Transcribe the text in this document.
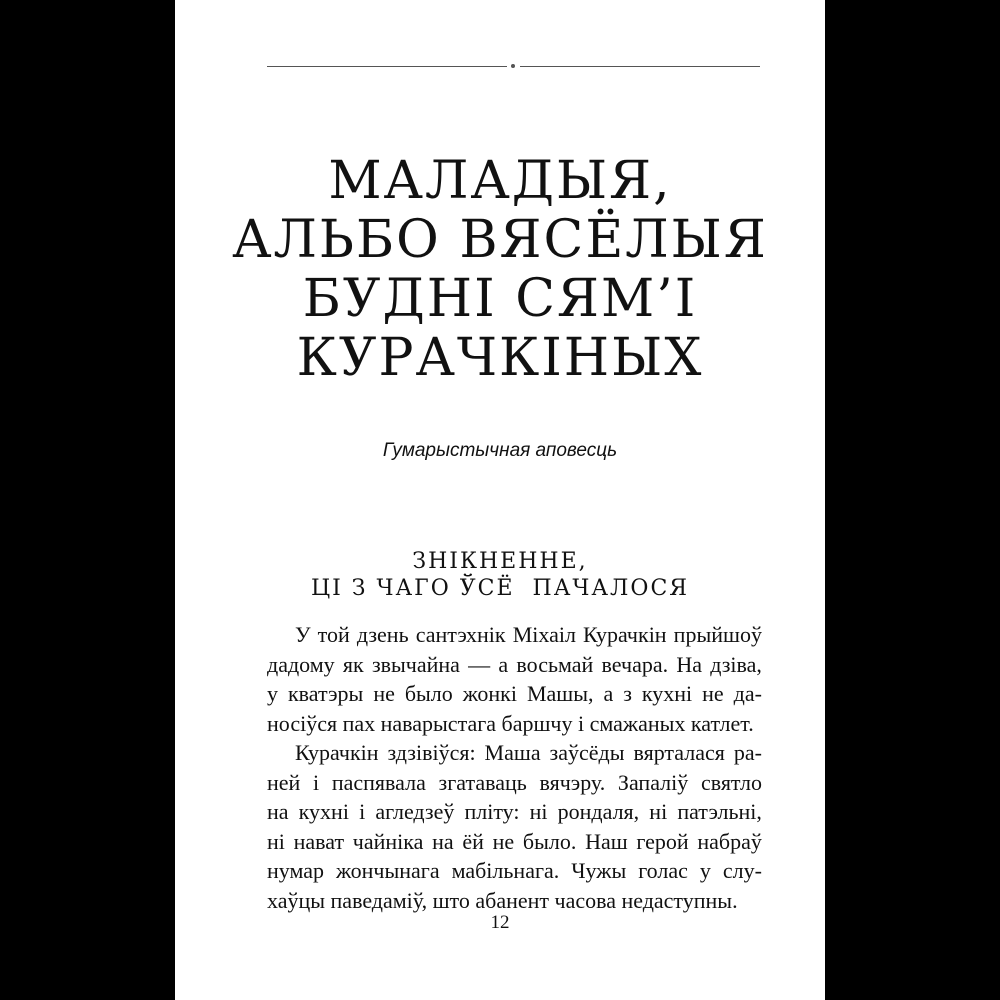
МАЛАДЫЯ,
АЛЬБО ВЯСЁЛЫЯ
БУДНІ СЯМ’І
КУРАЧКІНЫХ
Гумарыстычная аповесць
ЗНІКНЕННЕ,
ЦІ З ЧАГО ЎСЁ  ПАЧАЛОСЯ
У той дзень сантэхнік Міхаіл Курачкін прыйшоў
дадому як звычайна — а восьмай вечара. На дзіва,
у кватэры не было жонкі Машы, а з кухні не да-
носіўся пах наварыстага баршчу і смажаных катлет.
Курачкін здзівіўся: Маша заўсёды вярталася ра-
ней і паспявала згатаваць вячэру. Запаліў святло
на кухні і агледзеў пліту: ні рондаля, ні патэльні,
ні нават чайніка на ёй не было. Наш герой набраў
нумар жончынага мабільнага. Чужы голас у слу-
хаўцы паведаміў, што абанент часова недаступны.
12
